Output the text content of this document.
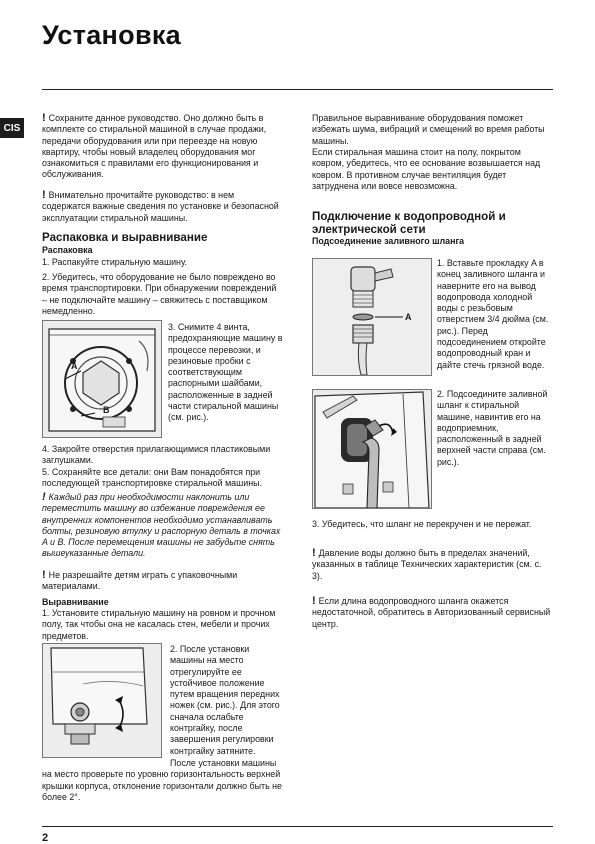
Установка
CIS
! Сохраните данное руководство. Оно должно быть в комплекте со стиральной машиной в случае продажи, передачи оборудования или при переезде на новую квартиру, чтобы новый владелец оборудования мог ознакомиться с правилами его функционирования и обслуживания.
! Внимательно прочитайте руководство: в нем содержатся важные сведения по установке и безопасной эксплуатации стиральной машины.
Распаковка и выравнивание
Распаковка
1. Распакуйте стиральную машину.
2. Убедитесь, что оборудование не было повреждено во время транспортировки. При обнаружении повреждений – не подключайте машину – свяжитесь с поставщиком немедленно.
A
B
3. Снимите 4 винта, предохраняющие машину в процессе перевозки, и резиновые пробки с соответствующим распорными шайбами, расположенные в задней части стиральной машины (см. рис.).
4. Закройте отверстия прилагающимися пластиковыми заглушками.
5. Сохраняйте все детали: они Вам понадобятся при последующей транспортировке стиральной машины.
! Каждый раз при необходимости наклонить или переместить машину во избежание повреждения ее внутренних компонентов необходимо устанавливать болты, резиновую втулку и распорную деталь в точках A и B. После перемещения машины не забудьте снять вышеуказанные детали.
! Не разрешайте детям играть с упаковочными материалами.
Выравнивание
1. Установите стиральную машину на ровном и прочном полу, так чтобы она не касалась стен, мебели и прочих предметов.
2. После установки машины на место отрегулируйте ее устойчивое положение путем вращения передних ножек (см. рис.). Для этого сначала ослабьте контргайку, после завершения регулировки контргайку затяните.
После установки машины на место проверьте по уровню горизонтальность верхней крышки корпуса, отклонение горизонтали должно быть не более 2°.
Правильное выравнивание оборудования поможет избежать шума, вибраций и смещений во время работы машины.
Если стиральная машина стоит на полу, покрытом ковром, убедитесь, что ее основание возвышается над ковром. В противном случае вентиляция будет затруднена или вовсе невозможна.
Подключение к водопроводной и электрической сети
Подсоединение заливного шланга
A
1. Вставьте прокладку A в конец заливного шланга и наверните его на вывод водопровода холодной воды с резьбовым отверстием 3/4 дюйма (см. рис.). Перед подсоединением откройте водопроводный кран и дайте стечь грязной воде.
2. Подсоедините заливной шланг к стиральной машине, навинтив его на водоприемник, расположенный в задней верхней части справа (см. рис.).
3. Убедитесь, что шланг не перекручен и не пережат.
! Давление воды должно быть в пределах значений, указанных в таблице Технических характеристик (см. с. 3).
! Если длина водопроводного шланга окажется недостаточной, обратитесь в Авторизованный сервисный центр.
2
